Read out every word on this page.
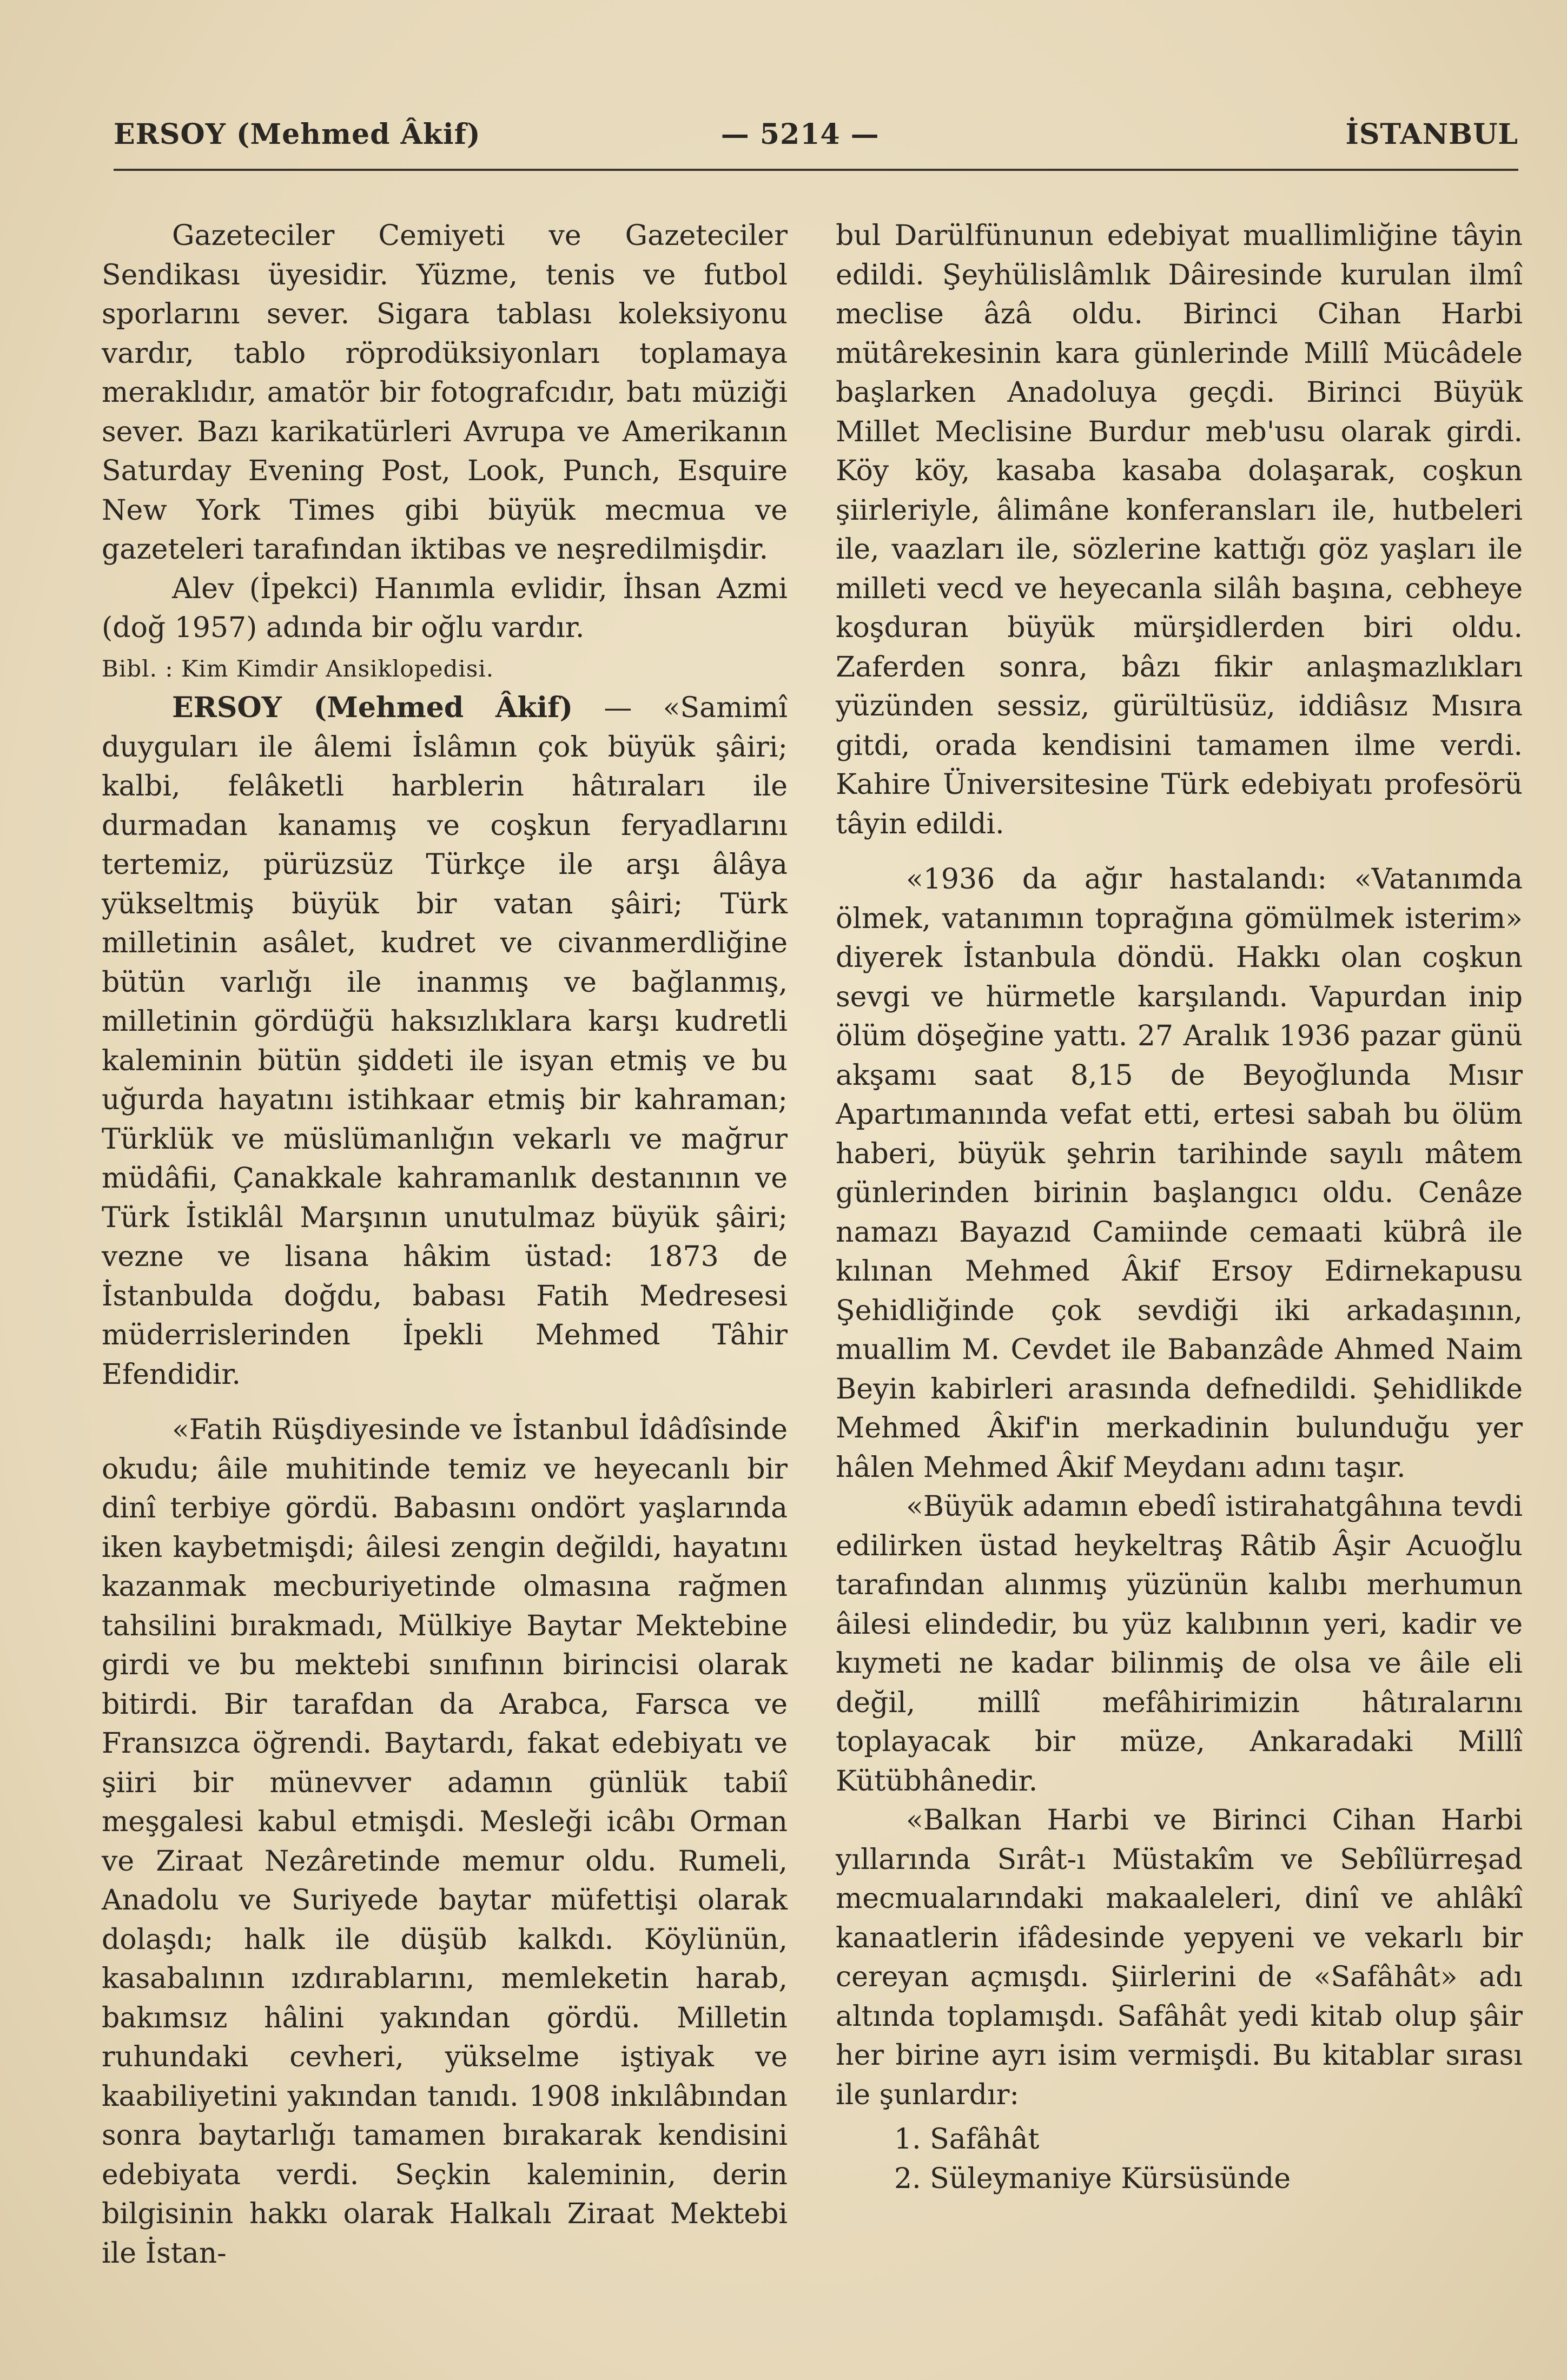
ERSOY (Mehmed Âkif)	— 5214 —	İSTANBUL

Gazeteciler Cemiyeti ve Gazeteciler Sendikası üyesidir. Yüzme, tenis ve futbol sporlarını sever. Sigara tablası koleksiyonu vardır, tablo röprodüksiyonları toplamaya meraklıdır, amatör bir fotografcıdır, batı müziği sever. Bazı karikatürleri Avrupa ve Amerikanın Saturday Evening Post, Look, Punch, Esquire New York Times gibi büyük mecmua ve gazeteleri tarafından iktibas ve neşredilmişdir.

Alev (İpekci) Hanımla evlidir, İhsan Azmi (doğ 1957) adında bir oğlu vardır.

Bibl. : Kim Kimdir Ansiklopedisi.

ERSOY (Mehmed Âkif) — «Samimî duyguları ile âlemi İslâmın çok büyük şâiri; kalbi, felâketli harblerin hâtıraları ile durmadan kanamış ve coşkun feryadlarını tertemiz, pürüzsüz Türkçe ile arşı âlâya yükseltmiş büyük bir vatan şâiri; Türk milletinin asâlet, kudret ve civanmerdliğine bütün varlığı ile inanmış ve bağlanmış, milletinin gördüğü haksızlıklara karşı kudretli kaleminin bütün şiddeti ile isyan etmiş ve bu uğurda hayatını istihkaar etmiş bir kahraman; Türklük ve müslümanlığın vekarlı ve mağrur müdâfii, Çanakkale kahramanlık destanının ve Türk İstiklâl Marşının unutulmaz büyük şâiri; vezne ve lisana hâkim üstad: 1873 de İstanbulda doğdu, babası Fatih Medresesi müderrislerinden İpekli Mehmed Tâhir Efendidir.

«Fatih Rüşdiyesinde ve İstanbul İdâdîsinde okudu; âile muhitinde temiz ve heyecanlı bir dinî terbiye gördü. Babasını ondört yaşlarında iken kaybetmişdi; âilesi zengin değildi, hayatını kazanmak mecburiyetinde olmasına rağmen tahsilini bırakmadı, Mülkiye Baytar Mektebine girdi ve bu mektebi sınıfının birincisi olarak bitirdi. Bir tarafdan da Arabca, Farsca ve Fransızca öğrendi. Baytardı, fakat edebiyatı ve şiiri bir münevver adamın günlük tabiî meşgalesi kabul etmişdi. Mesleği icâbı Orman ve Ziraat Nezâretinde memur oldu. Rumeli, Anadolu ve Suriyede baytar müfettişi olarak dolaşdı; halk ile düşüb kalkdı. Köylünün, kasabalının ızdırablarını, memleketin harab, bakımsız hâlini yakından gördü. Milletin ruhundaki cevheri, yükselme iştiyak ve kaabiliyetini yakından tanıdı. 1908 inkılâbından sonra baytarlığı tamamen bırakarak kendisini edebiyata verdi. Seçkin kaleminin, derin bilgisinin hakkı olarak Halkalı Ziraat Mektebi ile İstan-

bul Darülfünunun edebiyat muallimliğine tâyin edildi. Şeyhülislâmlık Dâiresinde kurulan ilmî meclise âzâ oldu. Birinci Cihan Harbi mütârekesinin kara günlerinde Millî Mücâdele başlarken Anadoluya geçdi. Birinci Büyük Millet Meclisine Burdur meb'usu olarak girdi. Köy köy, kasaba kasaba dolaşarak, coşkun şiirleriyle, âlimâne konferansları ile, hutbeleri ile, vaazları ile, sözlerine kattığı göz yaşları ile milleti vecd ve heyecanla silâh başına, cebheye koşduran büyük mürşidlerden biri oldu. Zaferden sonra, bâzı fikir anlaşmazlıkları yüzünden sessiz, gürültüsüz, iddiâsız Mısıra gitdi, orada kendisini tamamen ilme verdi. Kahire Üniversitesine Türk edebiyatı profesörü tâyin edildi.

«1936 da ağır hastalandı: «Vatanımda ölmek, vatanımın toprağına gömülmek isterim» diyerek İstanbula döndü. Hakkı olan coşkun sevgi ve hürmetle karşılandı. Vapurdan inip ölüm döşeğine yattı. 27 Aralık 1936 pazar günü akşamı saat 8,15 de Beyoğlunda Mısır Apartımanında vefat etti, ertesi sabah bu ölüm haberi, büyük şehrin tarihinde sayılı mâtem günlerinden birinin başlangıcı oldu. Cenâze namazı Bayazıd Camiinde cemaati kübrâ ile kılınan Mehmed Âkif Ersoy Edirnekapusu Şehidliğinde çok sevdiği iki arkadaşının, muallim M. Cevdet ile Babanzâde Ahmed Naim Beyin kabirleri arasında defnedildi. Şehidlikde Mehmed Âkif'in merkadinin bulunduğu yer hâlen Mehmed Âkif Meydanı adını taşır.

«Büyük adamın ebedî istirahatgâhına tevdi edilirken üstad heykeltraş Râtib Âşir Acuoğlu tarafından alınmış yüzünün kalıbı merhumun âilesi elindedir, bu yüz kalıbının yeri, kadir ve kıymeti ne kadar bilinmiş de olsa ve âile eli değil, millî mefâhirimizin hâtıralarını toplayacak bir müze, Ankaradaki Millî Kütübhânedir.

«Balkan Harbi ve Birinci Cihan Harbi yıllarında Sırât-ı Müstakîm ve Sebîlürreşad mecmualarındaki makaaleleri, dinî ve ahlâkî kanaatlerin ifâdesinde yepyeni ve vekarlı bir cereyan açmışdı. Şiirlerini de «Safâhât» adı altında toplamışdı. Safâhât yedi kitab olup şâir her birine ayrı isim vermişdi. Bu kitablar sırası ile şunlardır:

1. Safâhât
2. Süleymaniye Kürsüsünde
